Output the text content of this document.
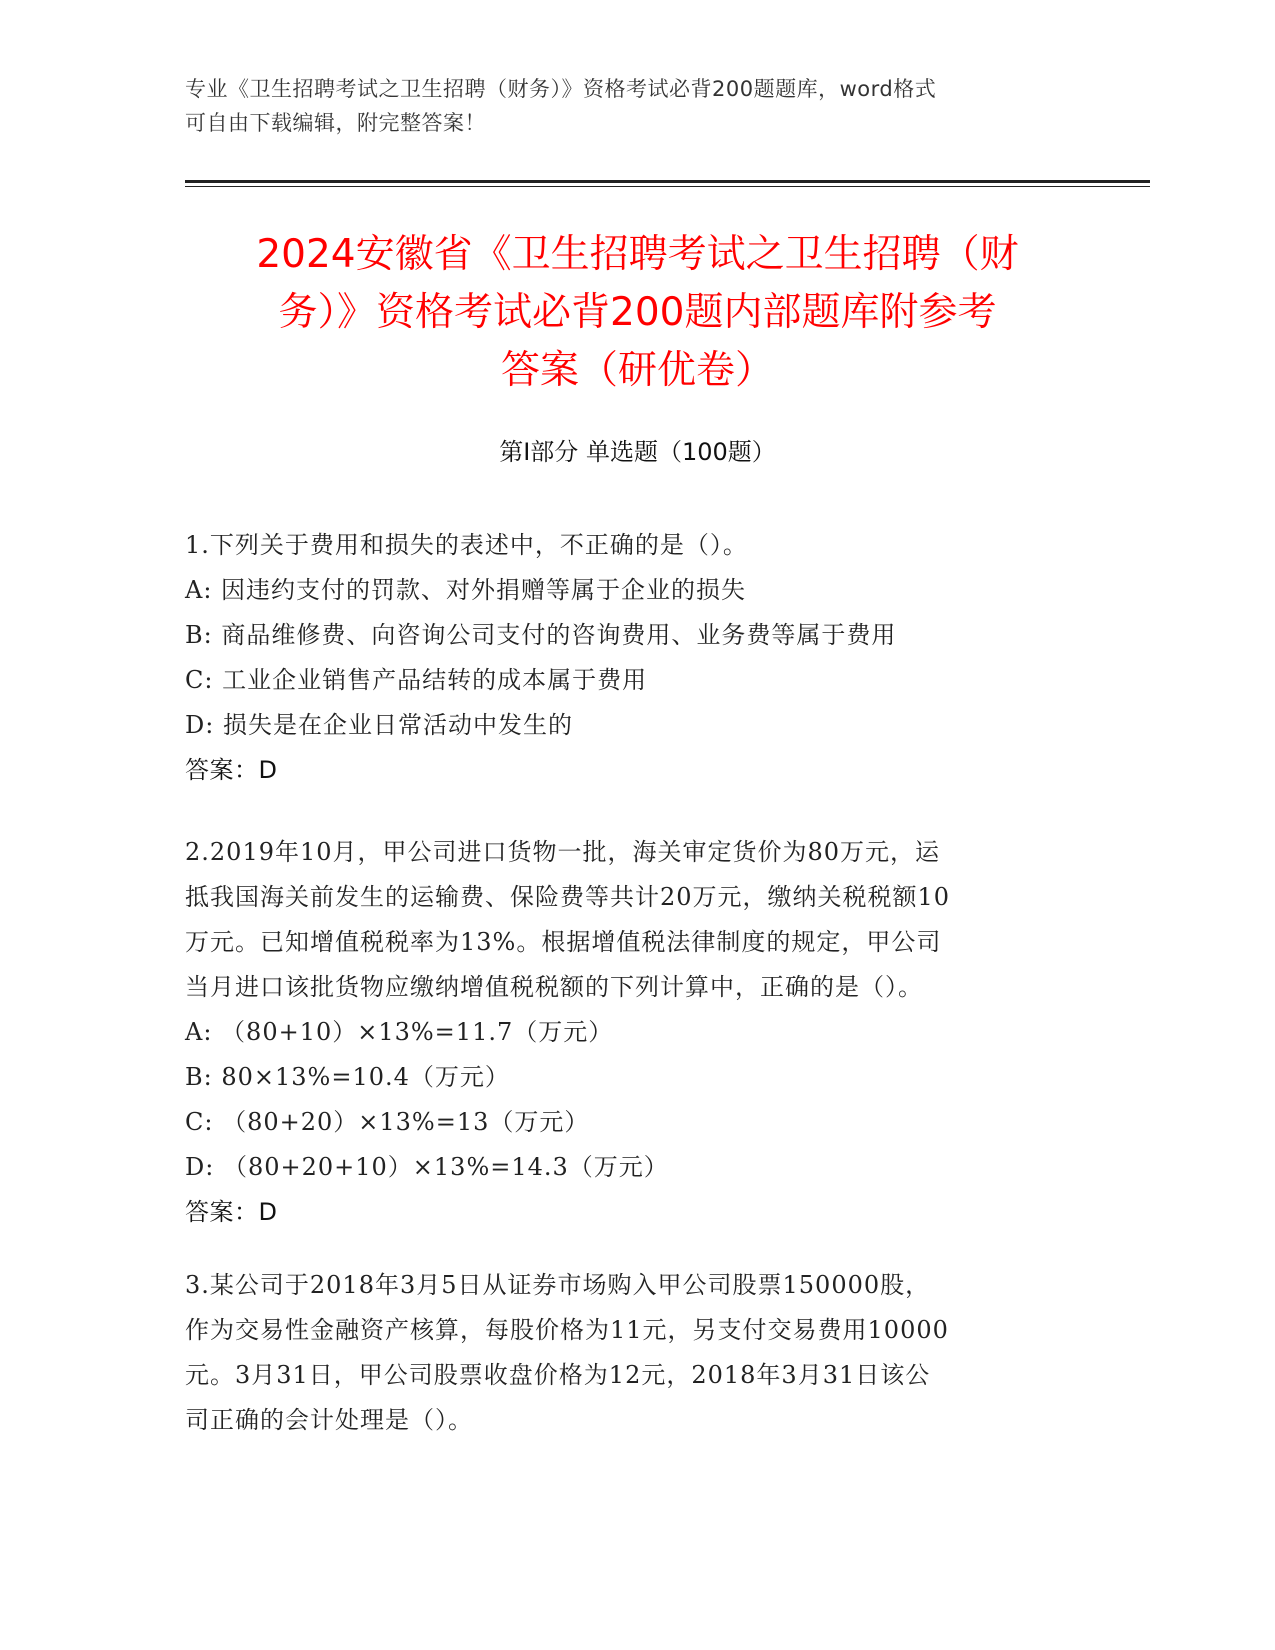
专业《卫生招聘考试之卫生招聘（财务）》资格考试必背200题题库，word格式
可自由下载编辑，附完整答案！
2024安徽省《卫生招聘考试之卫生招聘（财
务）》资格考试必背200题内部题库附参考
答案（研优卷）
第I部分 单选题（100题）
1.下列关于费用和损失的表述中，不正确的是（）。
A: 因违约支付的罚款、对外捐赠等属于企业的损失
B: 商品维修费、向咨询公司支付的咨询费用、业务费等属于费用
C: 工业企业销售产品结转的成本属于费用
D: 损失是在企业日常活动中发生的
答案：D
2.2019年10月，甲公司进口货物一批，海关审定货价为80万元，运
抵我国海关前发生的运输费、保险费等共计20万元，缴纳关税税额10
万元。已知增值税税率为13%。根据增值税法律制度的规定，甲公司
当月进口该批货物应缴纳增值税税额的下列计算中，正确的是（）。
A: （80+10）×13%=11.7（万元）
B: 80×13%=10.4（万元）
C: （80+20）×13%=13（万元）
D: （80+20+10）×13%=14.3（万元）
答案：D
3.某公司于2018年3月5日从证券市场购入甲公司股票150000股，
作为交易性金融资产核算，每股价格为11元，另支付交易费用10000
元。3月31日，甲公司股票收盘价格为12元，2018年3月31日该公
司正确的会计处理是（）。
